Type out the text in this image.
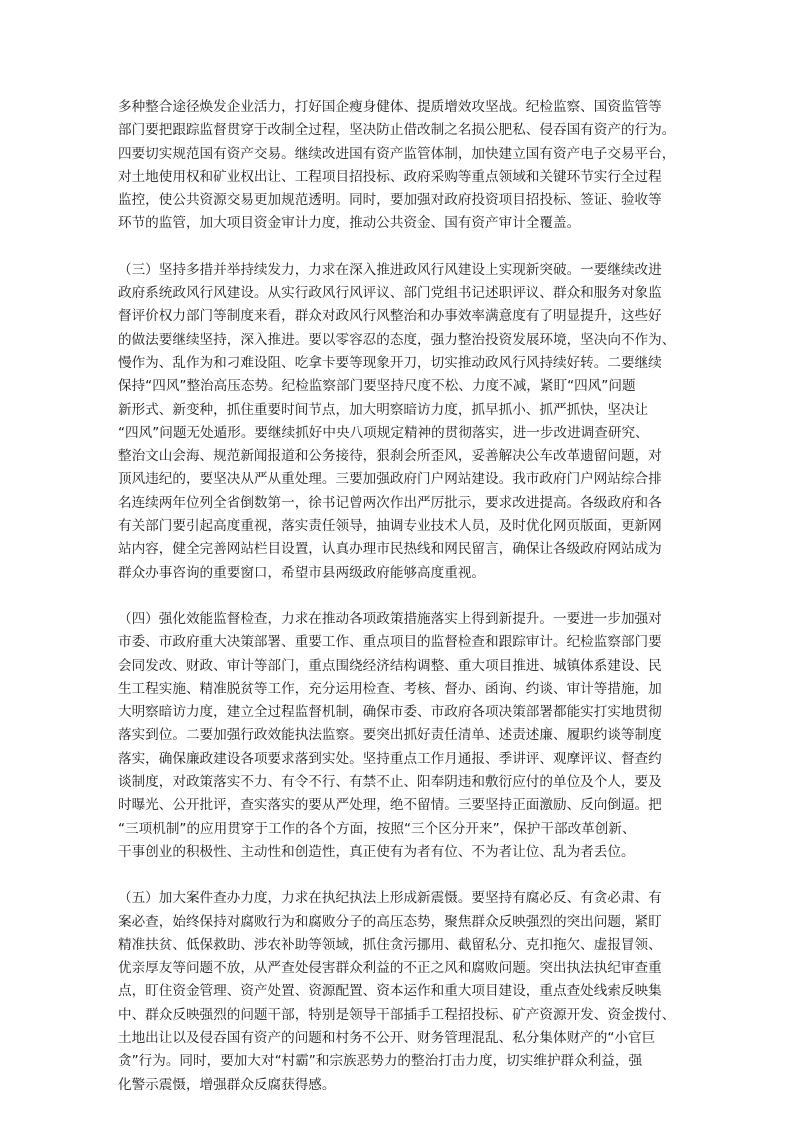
多种整合途径焕发企业活力，打好国企瘦身健体、提质增效攻坚战。纪检监察、国资监管等
部门要把跟踪监督贯穿于改制全过程，坚决防止借改制之名损公肥私、侵吞国有资产的行为。
四要切实规范国有资产交易。继续改进国有资产监管体制，加快建立国有资产电子交易平台，
对土地使用权和矿业权出让、工程项目招投标、政府采购等重点领域和关键环节实行全过程
监控，使公共资源交易更加规范透明。同时，要加强对政府投资项目招投标、签证、验收等
环节的监管，加大项目资金审计力度，推动公共资金、国有资产审计全覆盖。
（三）坚持多措并举持续发力，力求在深入推进政风行风建设上实现新突破。一要继续改进
政府系统政风行风建设。从实行政风行风评议、部门党组书记述职评议、群众和服务对象监
督评价权力部门等制度来看，群众对政风行风整治和办事效率满意度有了明显提升，这些好
的做法要继续坚持，深入推进。要以零容忍的态度，强力整治投资发展环境，坚决向不作为、
慢作为、乱作为和刁难设阻、吃拿卡要等现象开刀，切实推动政风行风持续好转。二要继续
保持“四风”整治高压态势。纪检监察部门要坚持尺度不松、力度不减，紧盯“四风”问题
新形式、新变种，抓住重要时间节点，加大明察暗访力度，抓早抓小、抓严抓快，坚决让
“四风”问题无处遁形。要继续抓好中央八项规定精神的贯彻落实，进一步改进调查研究、
整治文山会海、规范新闻报道和公务接待，狠刹会所歪风，妥善解决公车改革遗留问题，对
顶风违纪的，要坚决从严从重处理。三要加强政府门户网站建设。我市政府门户网站综合排
名连续两年位列全省倒数第一，徐书记曾两次作出严厉批示，要求改进提高。各级政府和各
有关部门要引起高度重视，落实责任领导，抽调专业技术人员，及时优化网页版面，更新网
站内容，健全完善网站栏目设置，认真办理市民热线和网民留言，确保让各级政府网站成为
群众办事咨询的重要窗口，希望市县两级政府能够高度重视。
（四）强化效能监督检查，力求在推动各项政策措施落实上得到新提升。一要进一步加强对
市委、市政府重大决策部署、重要工作、重点项目的监督检查和跟踪审计。纪检监察部门要
会同发改、财政、审计等部门，重点围绕经济结构调整、重大项目推进、城镇体系建设、民
生工程实施、精准脱贫等工作，充分运用检查、考核、督办、函询、约谈、审计等措施，加
大明察暗访力度，建立全过程监督机制，确保市委、市政府各项决策部署都能实打实地贯彻
落实到位。二要加强行政效能执法监察。要突出抓好责任清单、述责述廉、履职约谈等制度
落实，确保廉政建设各项要求落到实处。坚持重点工作月通报、季讲评、观摩评议、督查约
谈制度，对政策落实不力、有令不行、有禁不止、阳奉阴违和敷衍应付的单位及个人，要及
时曝光、公开批评，查实落实的要从严处理，绝不留情。三要坚持正面激励、反向倒逼。把
“三项机制”的应用贯穿于工作的各个方面，按照“三个区分开来”，保护干部改革创新、
干事创业的积极性、主动性和创造性，真正使有为者有位、不为者让位、乱为者丢位。
（五）加大案件查办力度，力求在执纪执法上形成新震慑。要坚持有腐必反、有贪必肃、有
案必查，始终保持对腐败行为和腐败分子的高压态势，聚焦群众反映强烈的突出问题，紧盯
精准扶贫、低保救助、涉农补助等领域，抓住贪污挪用、截留私分、克扣拖欠、虚报冒领、
优亲厚友等问题不放，从严查处侵害群众利益的不正之风和腐败问题。突出执法执纪审查重
点，盯住资金管理、资产处置、资源配置、资本运作和重大项目建设，重点查处线索反映集
中、群众反映强烈的问题干部，特别是领导干部插手工程招投标、矿产资源开发、资金拨付、
土地出让以及侵吞国有资产的问题和村务不公开、财务管理混乱、私分集体财产的“小官巨
贪”行为。同时，要加大对“村霸”和宗族恶势力的整治打击力度，切实维护群众利益，强
化警示震慑，增强群众反腐获得感。
